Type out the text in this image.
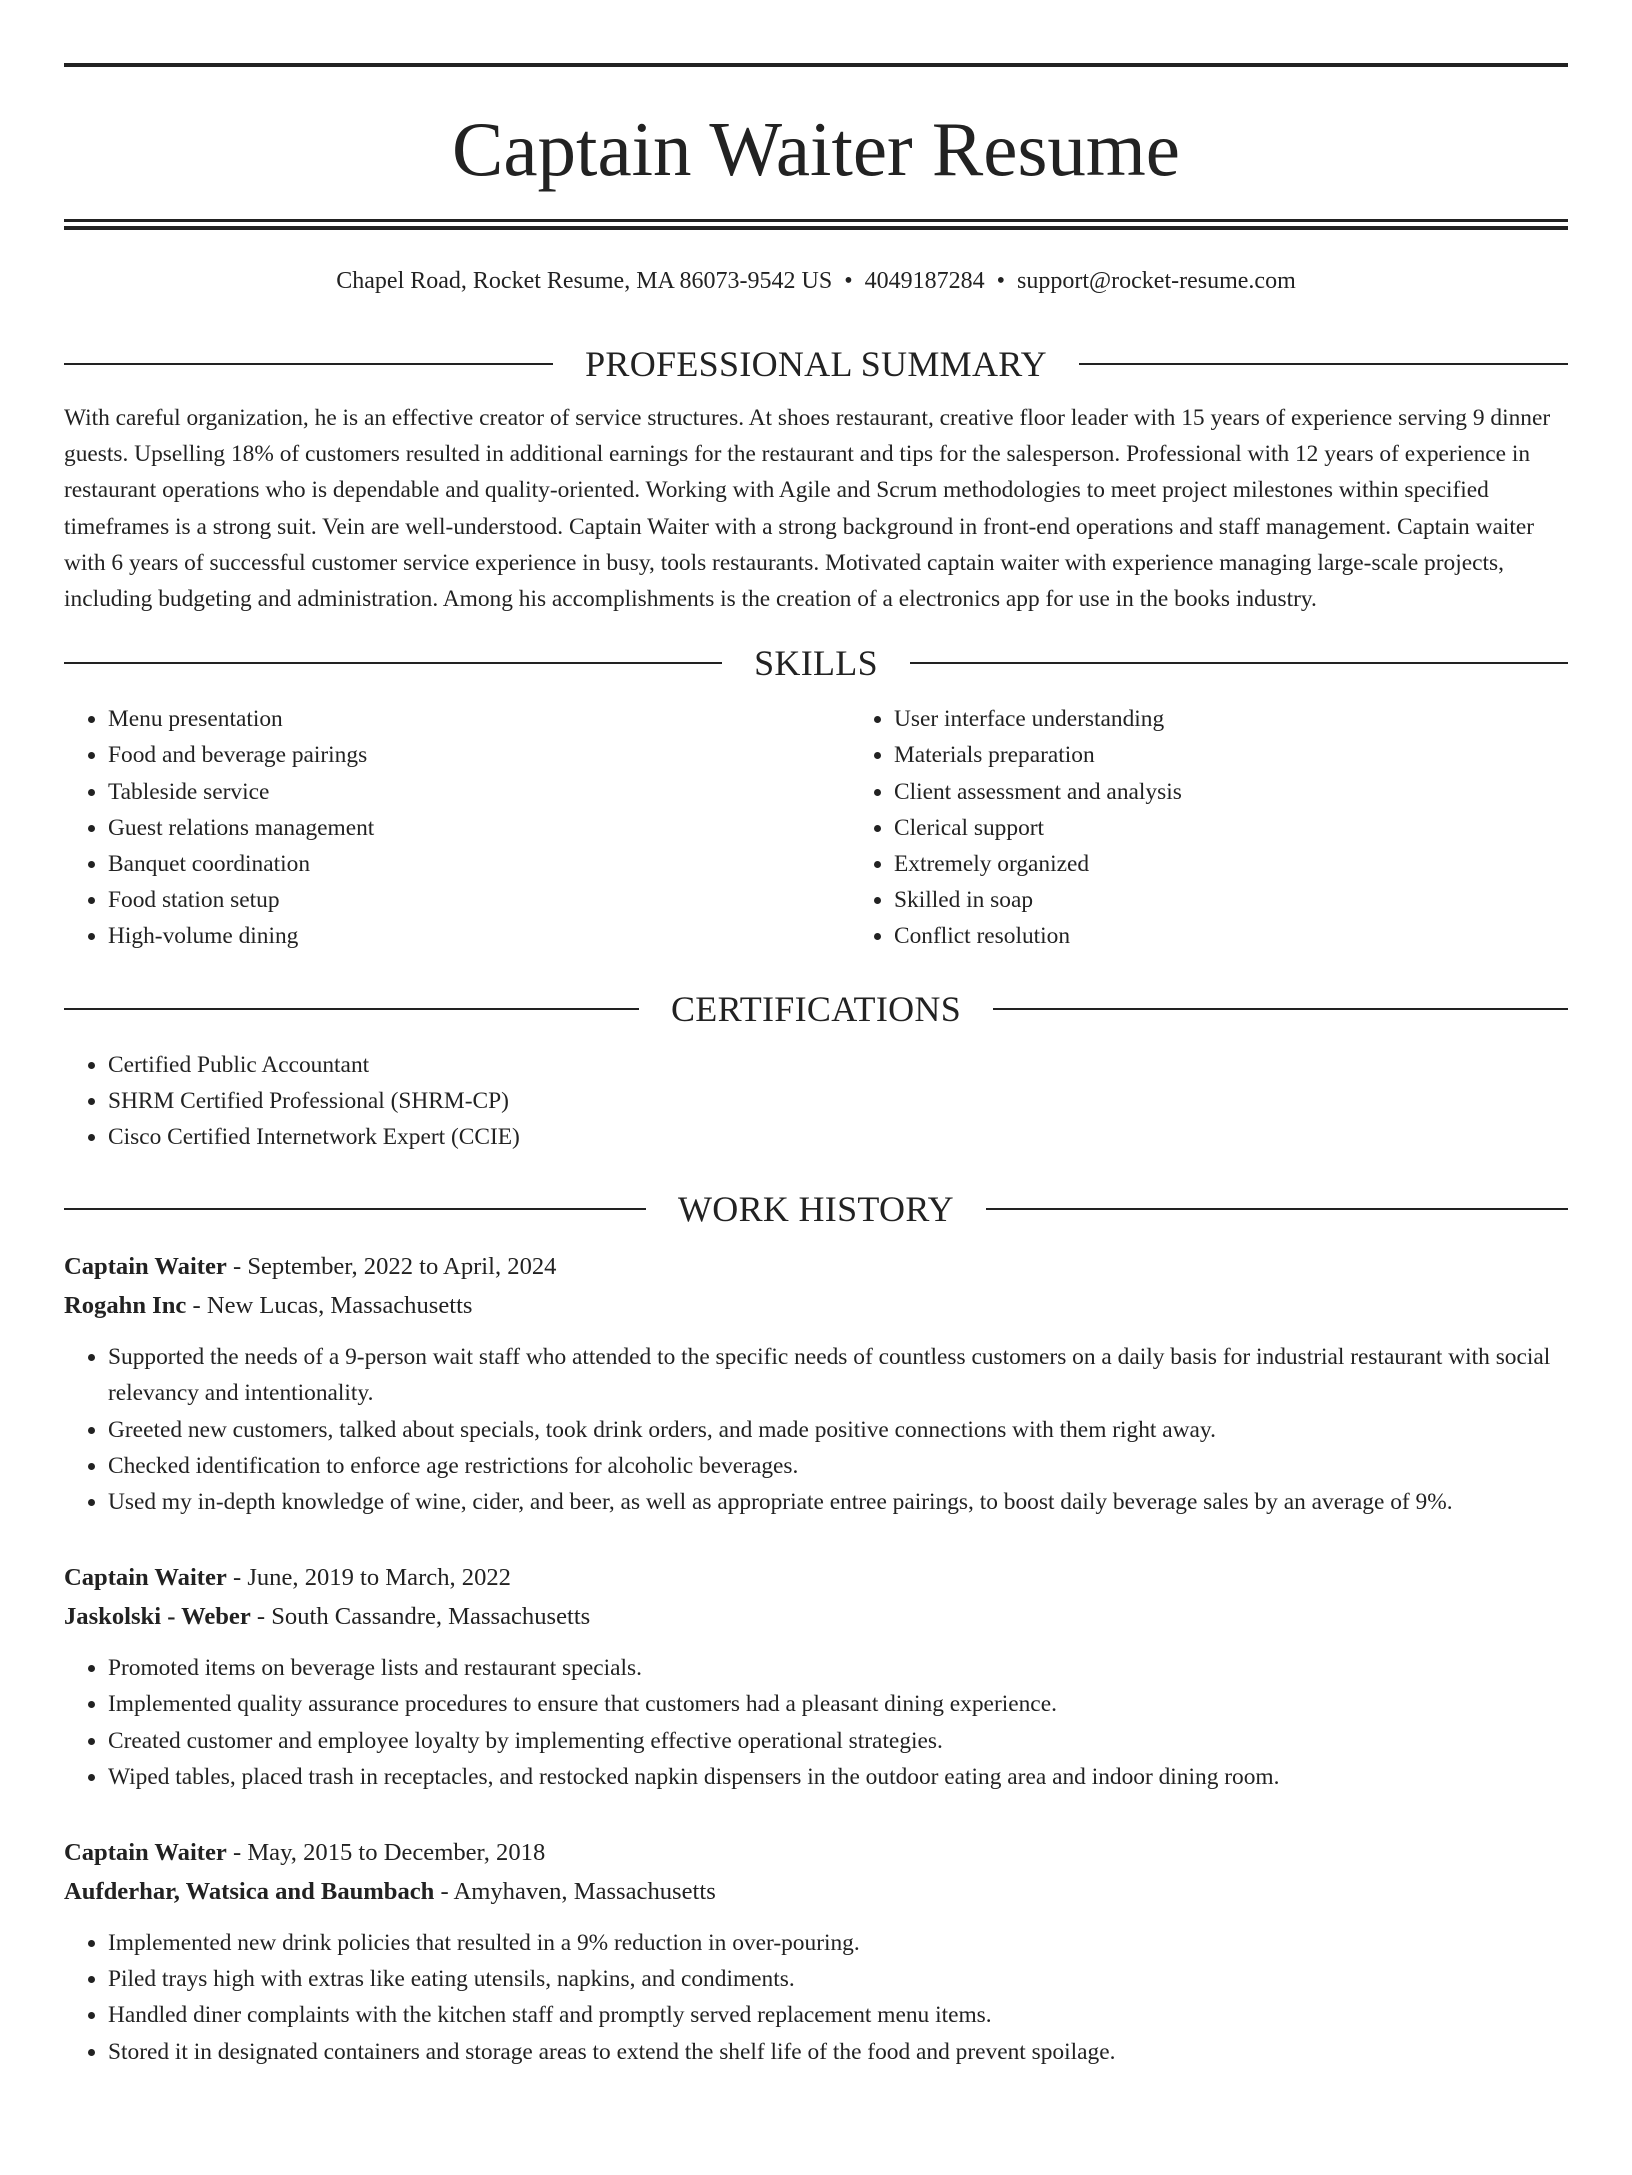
Captain Waiter Resume
Chapel Road, Rocket Resume, MA 86073-9542 US • 4049187284 • support@rocket-resume.com
PROFESSIONAL SUMMARY

With careful organization, he is an effective creator of service structures. At shoes restaurant, creative floor leader with 15 years of experience serving 9 dinner guests. Upselling 18% of customers resulted in additional earnings for the restaurant and tips for the salesperson. Professional with 12 years of experience in restaurant operations who is dependable and quality-oriented. Working with Agile and Scrum methodologies to meet project milestones within specified timeframes is a strong suit. Vein are well-understood. Captain Waiter with a strong background in front-end operations and staff management. Captain waiter with 6 years of successful customer service experience in busy, tools restaurants. Motivated captain waiter with experience managing large-scale projects, including budgeting and administration. Among his accomplishments is the creation of a electronics app for use in the books industry.

SKILLS
• Menu presentation
• Food and beverage pairings
• Tableside service
• Guest relations management
• Banquet coordination
• Food station setup
• High-volume dining
• User interface understanding
• Materials preparation
• Client assessment and analysis
• Clerical support
• Extremely organized
• Skilled in soap
• Conflict resolution
CERTIFICATIONS
• Certified Public Accountant
• SHRM Certified Professional (SHRM-CP)
• Cisco Certified Internetwork Expert (CCIE)
WORK HISTORY
Captain Waiter - September, 2022 to April, 2024
Rogahn Inc - New Lucas, Massachusetts
• Supported the needs of a 9-person wait staff who attended to the specific needs of countless customers on a daily basis for industrial restaurant with social relevancy and intentionality.
• Greeted new customers, talked about specials, took drink orders, and made positive connections with them right away.
• Checked identification to enforce age restrictions for alcoholic beverages.
• Used my in-depth knowledge of wine, cider, and beer, as well as appropriate entree pairings, to boost daily beverage sales by an average of 9%.
Captain Waiter - June, 2019 to March, 2022
Jaskolski - Weber - South Cassandre, Massachusetts
• Promoted items on beverage lists and restaurant specials.
• Implemented quality assurance procedures to ensure that customers had a pleasant dining experience.
• Created customer and employee loyalty by implementing effective operational strategies.
• Wiped tables, placed trash in receptacles, and restocked napkin dispensers in the outdoor eating area and indoor dining room.
Captain Waiter - May, 2015 to December, 2018
Aufderhar, Watsica and Baumbach - Amyhaven, Massachusetts
• Implemented new drink policies that resulted in a 9% reduction in over-pouring.
• Piled trays high with extras like eating utensils, napkins, and condiments.
• Handled diner complaints with the kitchen staff and promptly served replacement menu items.
• Stored it in designated containers and storage areas to extend the shelf life of the food and prevent spoilage.
